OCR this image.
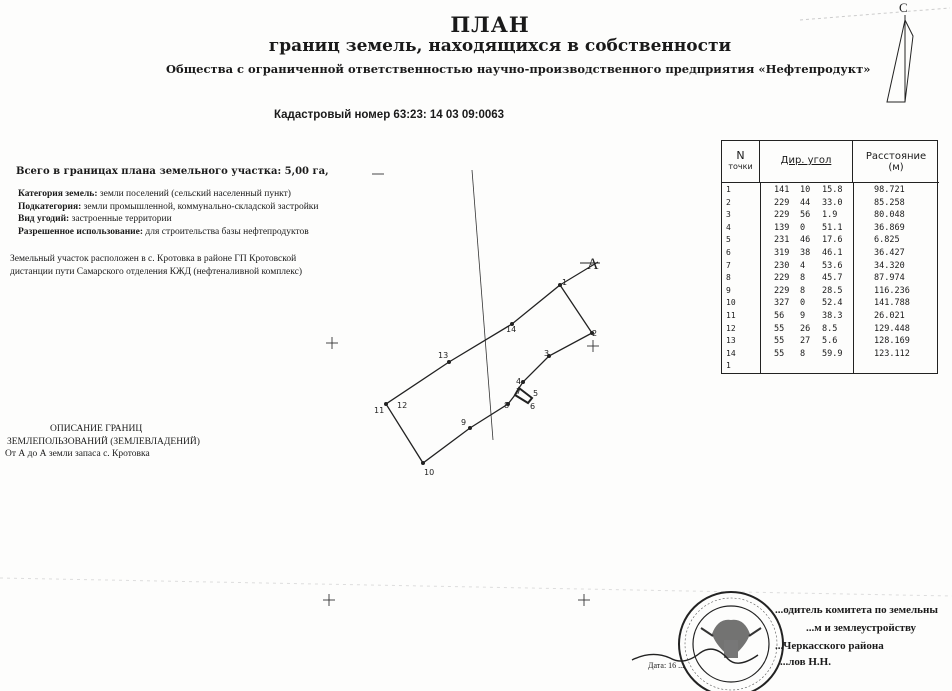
ПЛАН
границ земель, находящихся в собственности
Общества с ограниченной ответственностью научно-производственного предприятия «Нефтепродукт»
Кадастровый номер 63:23: 14 03 09:0063
Всего в границах плана земельного участка: 5,00 га,
Категория земель: земли поселений (сельский населенный пункт)
Подкатегория: земли промышленной, коммунально-складской застройки
Вид угодий: застроенные территории
Разрешенное использование: для строительства базы нефтепродуктов
Земельный участок расположен в с. Кротовка в районе ГП Кротовской
дистанции пути Самарского отделения КЖД (нефтеналивной комплекс)
ОПИСАНИЕ ГРАНИЦ
ЗЕМЛЕПОЛЬЗОВАНИЙ (ЗЕМЛЕВЛАДЕНИЙ)
От А до А земли запаса с. Кротовка
А
1
2
3
4
5
6
7
8
9
10
11
12
13
14
С
N
точки
Дир. угол	Расстояние
(м)
1	141 10 15.8	98.721
2	229 44 33.0	85.258
3	229 56 1.9	80.048
4	139 0 51.1	36.869
5	231 46 17.6	6.825
6	319 38 46.1	36.427
7	230 4 53.6	34.320
8	229 8 45.7	87.974
9	229 8 28.5	116.236
10	327 0 52.4	141.788
11	56 9 38.3	26.021
12	55 26 8.5	129.448
13	55 27 5.6	128.169
14	55 8 59.9	123.112
1
...одитель комитета по земельны
...м и землеустройству
...Черкасского района
...лов Н.Н.
Дата: 16 ...
